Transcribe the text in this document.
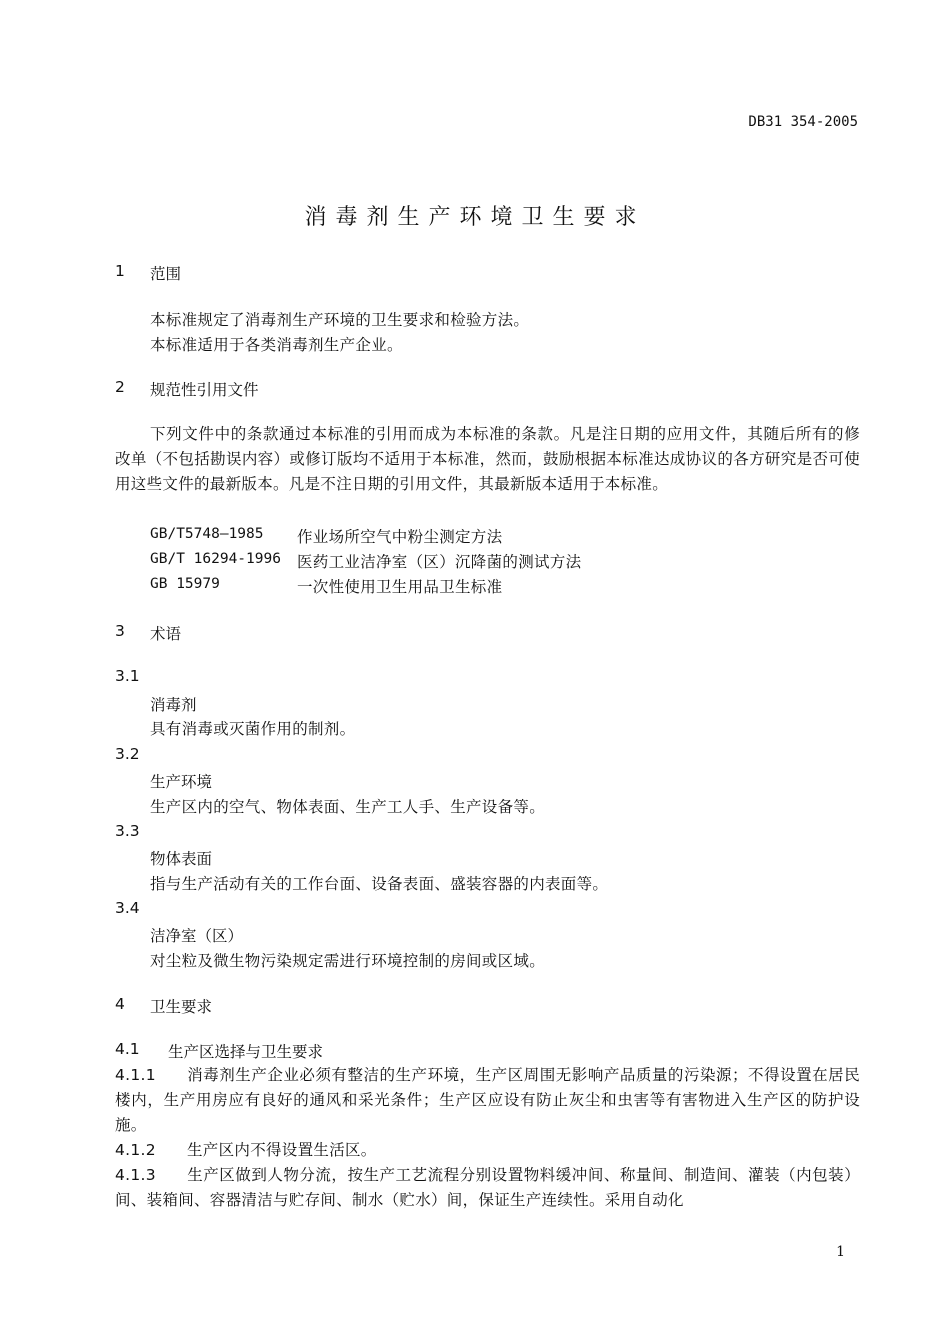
DB31 354-2005
消毒剂生产环境卫生要求
1 范围
本标准规定了消毒剂生产环境的卫生要求和检验方法。
本标准适用于各类消毒剂生产企业。
2 规范性引用文件
下列文件中的条款通过本标准的引用而成为本标准的条款。凡是注日期的应用文件，其随后所有的修改单（不包括勘误内容）或修订版均不适用于本标准，然而，鼓励根据本标准达成协议的各方研究是否可使用这些文件的最新版本。凡是不注日期的引用文件，其最新版本适用于本标准。
GB/T5748—1985	作业场所空气中粉尘测定方法
GB/T 16294-1996	医药工业洁净室（区）沉降菌的测试方法
GB 15979	一次性使用卫生用品卫生标准
3 术语
3.1
消毒剂
具有消毒或灭菌作用的制剂。
3.2
生产环境
生产区内的空气、物体表面、生产工人手、生产设备等。
3.3
物体表面
指与生产活动有关的工作台面、设备表面、盛装容器的内表面等。
3.4
洁净室（区）
对尘粒及微生物污染规定需进行环境控制的房间或区域。
4 卫生要求
4.1 生产区选择与卫生要求
4.1.1 消毒剂生产企业必须有整洁的生产环境，生产区周围无影响产品质量的污染源；不得设置在居民楼内，生产用房应有良好的通风和采光条件；生产区应设有防止灰尘和虫害等有害物进入生产区的防护设施。
4.1.2 生产区内不得设置生活区。
4.1.3 生产区做到人物分流，按生产工艺流程分别设置物料缓冲间、称量间、制造间、灌装（内包装）间、装箱间、容器清洁与贮存间、制水（贮水）间，保证生产连续性。采用自动化
1
